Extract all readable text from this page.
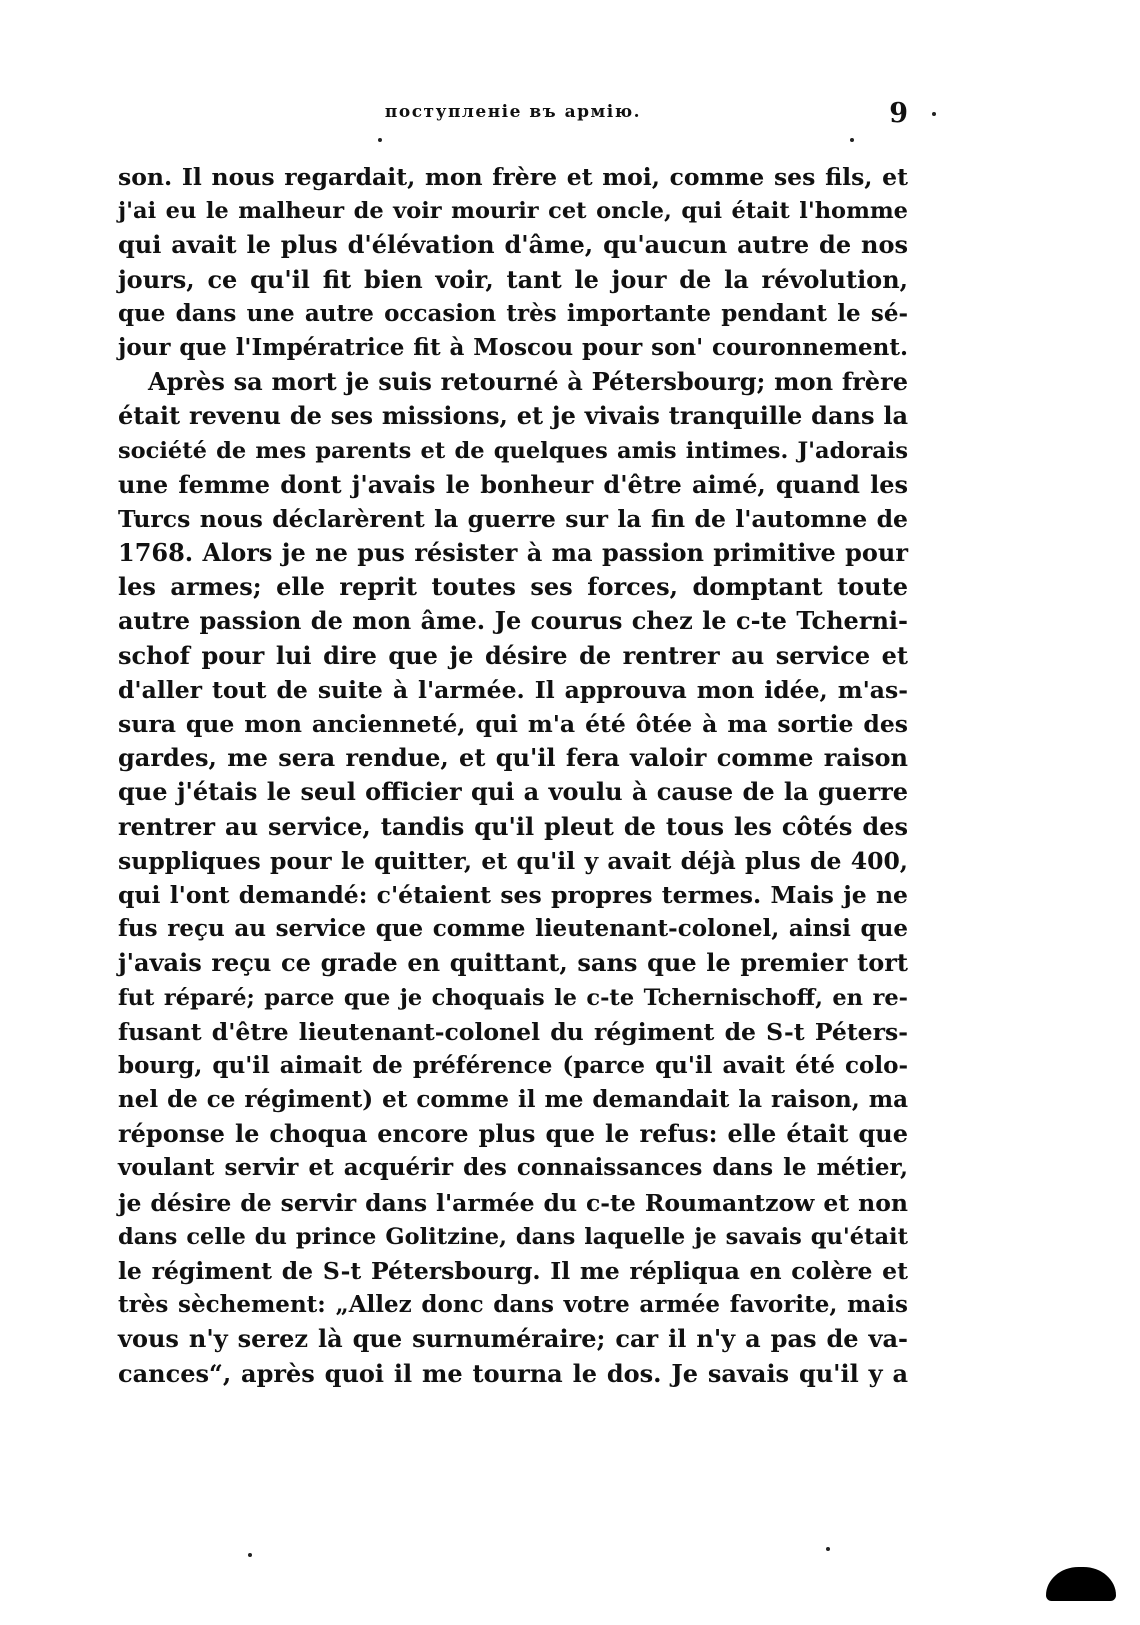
поступленіе въ армію.	9
son. Il nous regardait, mon frère et moi, comme ses fils, et
j'ai eu le malheur de voir mourir cet oncle, qui était l'homme
qui avait le plus d'élévation d'âme, qu'aucun autre de nos
jours, ce qu'il fit bien voir, tant le jour de la révolution,
que dans une autre occasion très importante pendant le sé-
jour que l'Impératrice fit à Moscou pour son' couronnement.
Après sa mort je suis retourné à Pétersbourg; mon frère
était revenu de ses missions, et je vivais tranquille dans la
société de mes parents et de quelques amis intimes. J'adorais
une femme dont j'avais le bonheur d'être aimé, quand les
Turcs nous déclarèrent la guerre sur la fin de l'automne de
1768. Alors je ne pus résister à ma passion primitive pour
les armes; elle reprit toutes ses forces, domptant toute
autre passion de mon âme. Je courus chez le c-te Tcherni-
schof pour lui dire que je désire de rentrer au service et
d'aller tout de suite à l'armée. Il approuva mon idée, m'as-
sura que mon ancienneté, qui m'a été ôtée à ma sortie des
gardes, me sera rendue, et qu'il fera valoir comme raison
que j'étais le seul officier qui a voulu à cause de la guerre
rentrer au service, tandis qu'il pleut de tous les côtés des
suppliques pour le quitter, et qu'il y avait déjà plus de 400,
qui l'ont demandé: c'étaient ses propres termes. Mais je ne
fus reçu au service que comme lieutenant-colonel, ainsi que
j'avais reçu ce grade en quittant, sans que le premier tort
fut réparé; parce que je choquais le c-te Tchernischoff, en re-
fusant d'être lieutenant-colonel du régiment de S-t Péters-
bourg, qu'il aimait de préférence (parce qu'il avait été colo-
nel de ce régiment) et comme il me demandait la raison, ma
réponse le choqua encore plus que le refus: elle était que
voulant servir et acquérir des connaissances dans le métier,
je désire de servir dans l'armée du c-te Roumantzow et non
dans celle du prince Golitzine, dans laquelle je savais qu'était
le régiment de S-t Pétersbourg. Il me répliqua en colère et
très sèchement: „Allez donc dans votre armée favorite, mais
vous n'y serez là que surnuméraire; car il n'y a pas de va-
cances“, après quoi il me tourna le dos. Je savais qu'il y a
